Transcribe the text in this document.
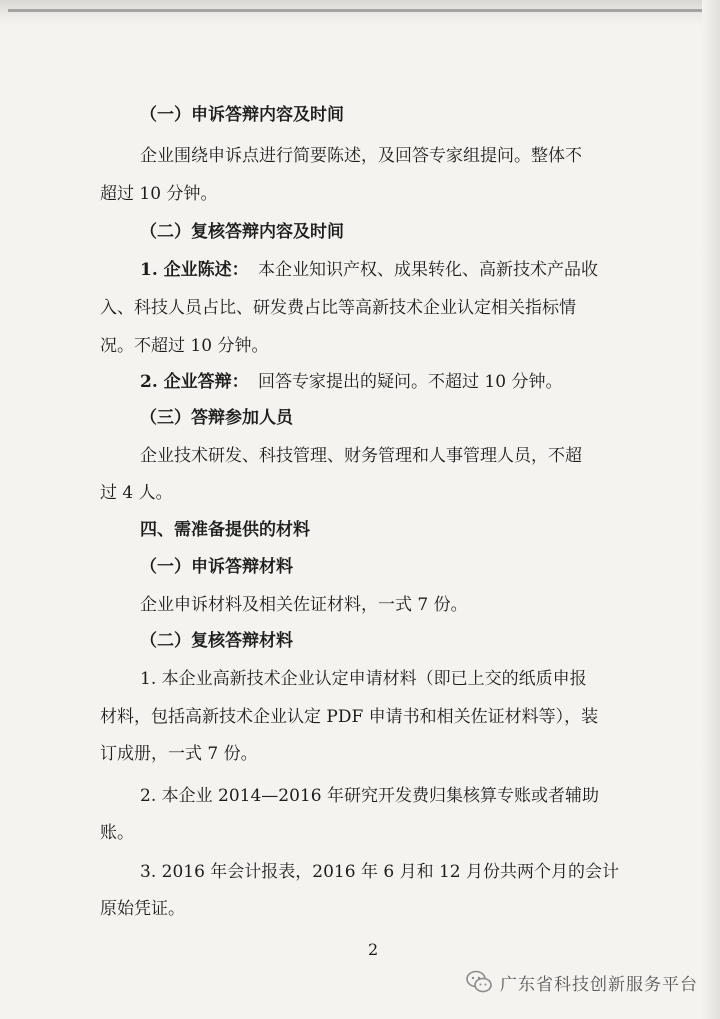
（一）申诉答辩内容及时间
企业围绕申诉点进行简要陈述，及回答专家组提问。整体不
超过 10 分钟。
（二）复核答辩内容及时间
1. 企业陈述： 本企业知识产权、成果转化、高新技术产品收
入、科技人员占比、研发费占比等高新技术企业认定相关指标情
况。不超过 10 分钟。
2. 企业答辩： 回答专家提出的疑问。不超过 10 分钟。
（三）答辩参加人员
企业技术研发、科技管理、财务管理和人事管理人员，不超
过 4 人。
四、需准备提供的材料
（一）申诉答辩材料
企业申诉材料及相关佐证材料，一式 7 份。
（二）复核答辩材料
1. 本企业高新技术企业认定申请材料（即已上交的纸质申报
材料，包括高新技术企业认定 PDF 申请书和相关佐证材料等），装
订成册，一式 7 份。
2. 本企业 2014—2016 年研究开发费归集核算专账或者辅助
账。
3. 2016 年会计报表，2016 年 6 月和 12 月份共两个月的会计
原始凭证。
2
广东省科技创新服务平台
